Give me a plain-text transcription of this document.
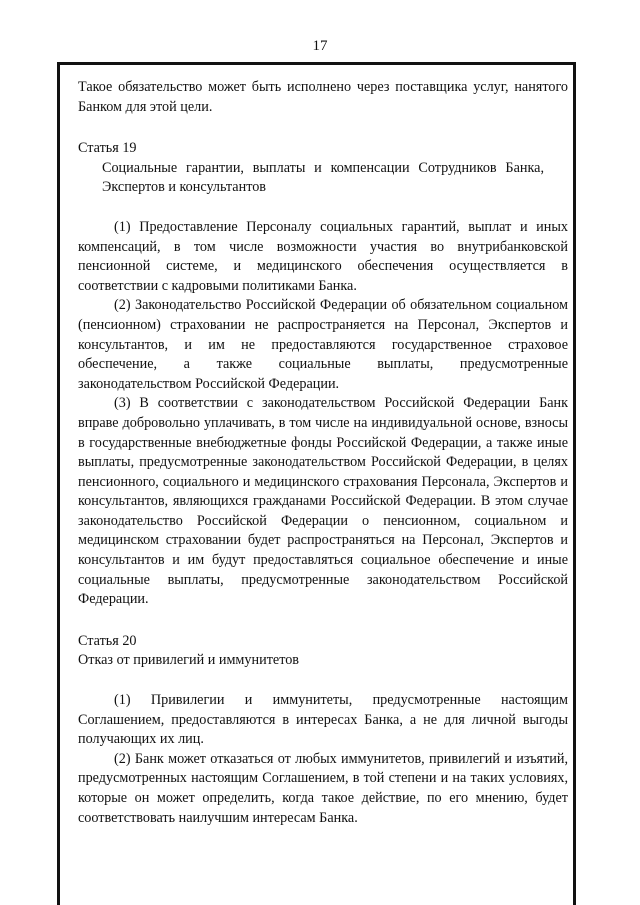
17

Такое обязательство может быть исполнено через поставщика услуг, нанятого Банком для этой цели.

Статья 19

Социальные гарантии, выплаты и компенсации Сотрудников Банка, Экспертов и консультантов

(1) Предоставление Персоналу социальных гарантий, выплат и иных компенсаций, в том числе возможности участия во внутрибанковской пенсионной системе, и медицинского обеспечения осуществляется в соответствии с кадровыми политиками Банка.

(2) Законодательство Российской Федерации об обязательном социальном (пенсионном) страховании не распространяется на Персонал, Экспертов и консультантов, и им не предоставляются государственное страховое обеспечение, а также социальные выплаты, предусмотренные законодательством Российской Федерации.

(3) В соответствии с законодательством Российской Федерации Банк вправе добровольно уплачивать, в том числе на индивидуальной основе, взносы в государственные внебюджетные фонды Российской Федерации, а также иные выплаты, предусмотренные законодательством Российской Федерации, в целях пенсионного, социального и медицинского страхования Персонала, Экспертов и консультантов, являющихся гражданами Российской Федерации. В этом случае законодательство Российской Федерации о пенсионном, социальном и медицинском страховании будет распространяться на Персонал, Экспертов и консультантов и им будут предоставляться социальное обеспечение и иные социальные выплаты, предусмотренные законодательством Российской Федерации.

Статья 20

Отказ от привилегий и иммунитетов

(1) Привилегии и иммунитеты, предусмотренные настоящим Соглашением, предоставляются в интересах Банка, а не для личной выгоды получающих их лиц.

(2) Банк может отказаться от любых иммунитетов, привилегий и изъятий, предусмотренных настоящим Соглашением, в той степени и на таких условиях, которые он может определить, когда такое действие, по его мнению, будет соответствовать наилучшим интересам Банка.
